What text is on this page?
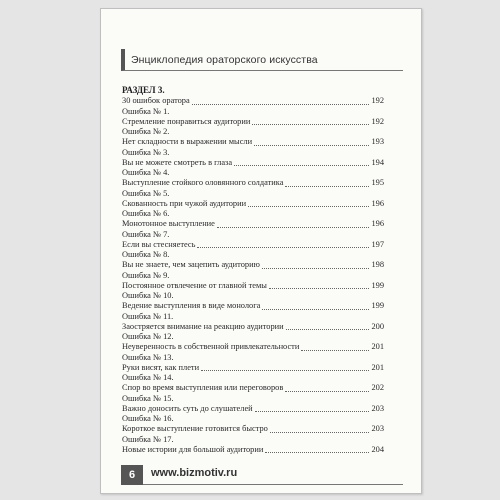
Энциклопедия ораторского искусства
РАЗДЕЛ 3.
30 ошибок оратора	192
Ошибка № 1.
Стремление понравиться аудитории	192
Ошибка № 2.
Нет складности в выражении мысли	193
Ошибка № 3.
Вы не можете смотреть в глаза	194
Ошибка № 4.
Выступление стойкого оловянного солдатика	195
Ошибка № 5.
Скованность при чужой аудитории	196
Ошибка № 6.
Монотонное выступление	196
Ошибка № 7.
Если вы стесняетесь	197
Ошибка № 8.
Вы не знаете, чем зацепить аудиторию	198
Ошибка № 9.
Постоянное отвлечение от главной темы	199
Ошибка № 10.
Ведение выступления в виде монолога	199
Ошибка № 11.
Заостряется внимание на реакцию аудитории	200
Ошибка № 12.
Неуверенность в собственной привлекательности	201
Ошибка № 13.
Руки висят, как плети	201
Ошибка № 14.
Спор во время выступления или переговоров	202
Ошибка № 15.
Важно доносить суть до слушателей	203
Ошибка № 16.
Короткое выступление готовится быстро	203
Ошибка № 17.
Новые истории для большой аудитории	204
6	www.bizmotiv.ru
